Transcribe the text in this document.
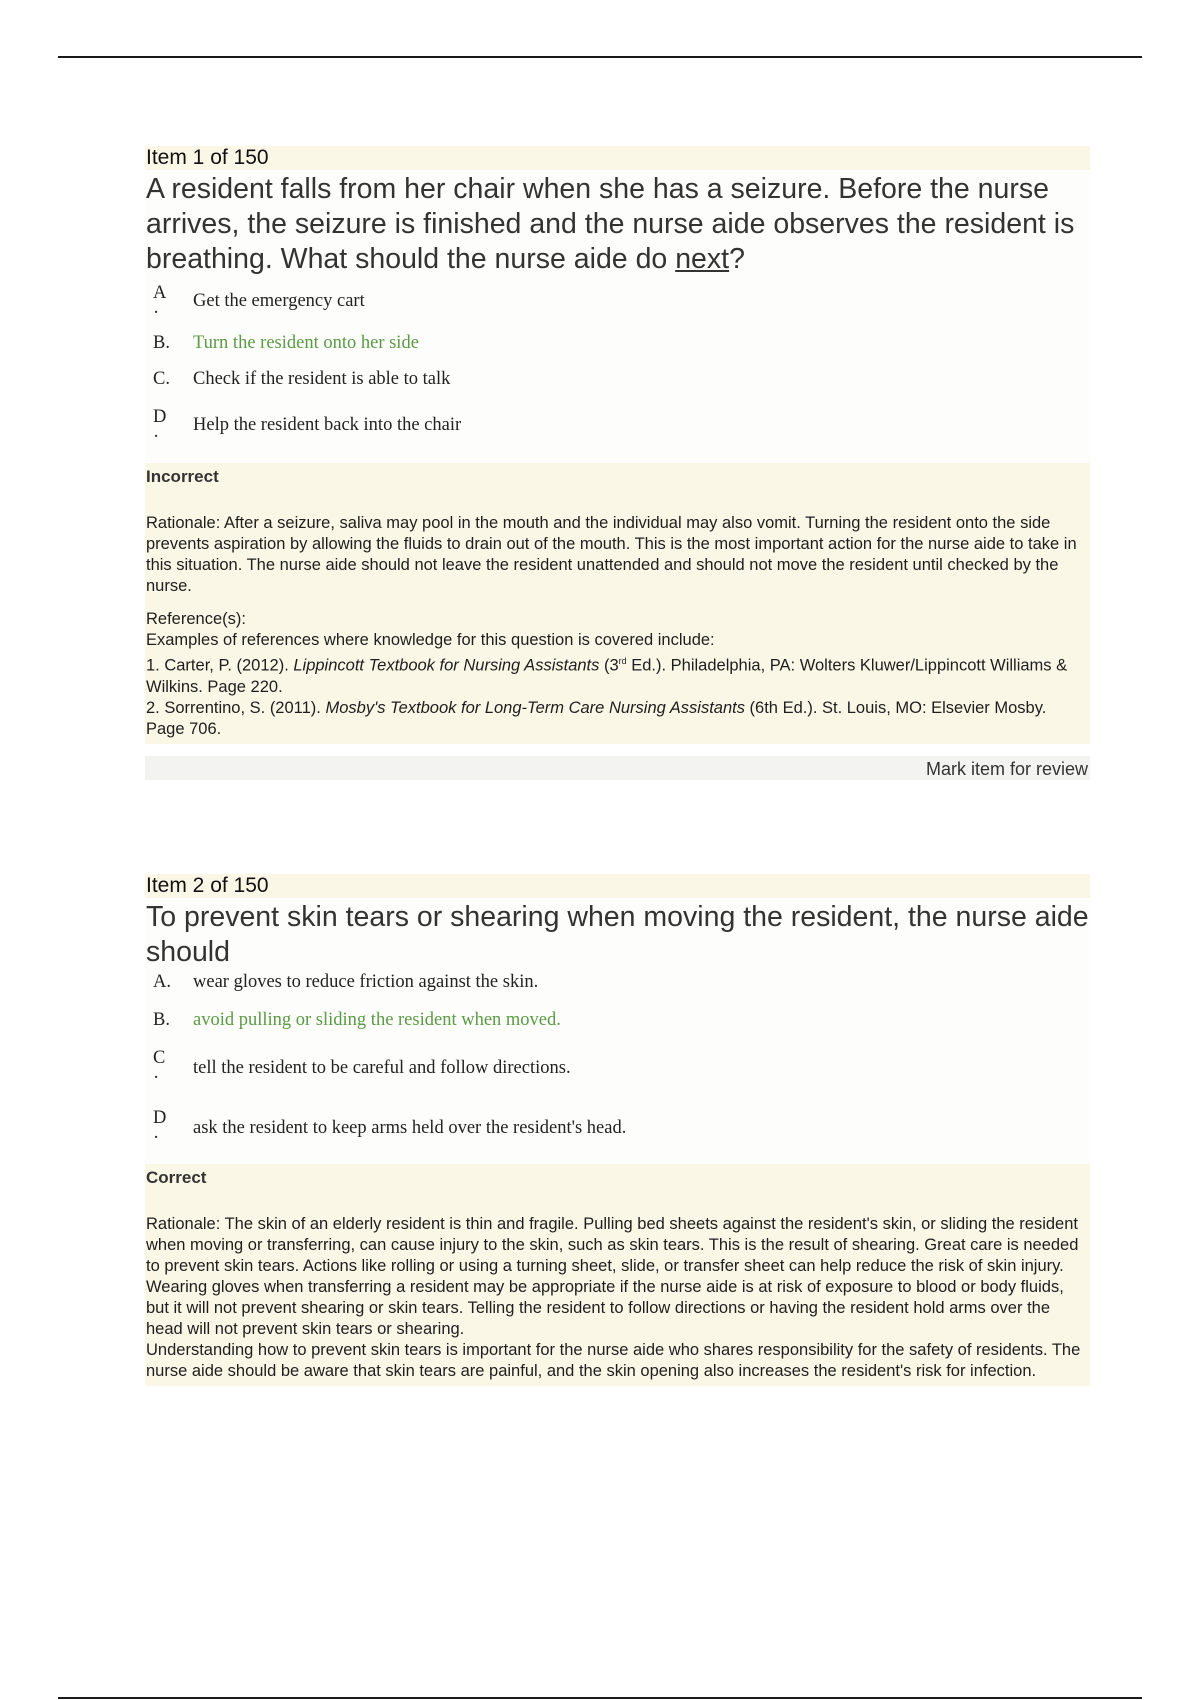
Item 1 of 150
A resident falls from her chair when she has a seizure. Before the nurse arrives, the seizure is finished and the nurse aide observes the resident is breathing. What should the nurse aide do next?
A
·
Get the emergency cart
B.	Turn the resident onto her side
C.	Check if the resident is able to talk
D
·
Help the resident back into the chair
Incorrect

Rationale: After a seizure, saliva may pool in the mouth and the individual may also vomit. Turning the resident onto the side prevents aspiration by allowing the fluids to drain out of the mouth. This is the most important action for the nurse aide to take in this situation. The nurse aide should not leave the resident unattended and should not move the resident until checked by the nurse.

Reference(s):

Examples of references where knowledge for this question is covered include:

1. Carter, P. (2012). Lippincott Textbook for Nursing Assistants (3rd Ed.). Philadelphia, PA: Wolters Kluwer/Lippincott Williams & Wilkins. Page 220.

2. Sorrentino, S. (2011). Mosby's Textbook for Long-Term Care Nursing Assistants (6th Ed.). St. Louis, MO: Elsevier Mosby. Page 706.

Mark item for review
Item 2 of 150
To prevent skin tears or shearing when moving the resident, the nurse aide should
A.	wear gloves to reduce friction against the skin.
B.	avoid pulling or sliding the resident when moved.
C
·	tell the resident to be careful and follow directions.
D
·	ask the resident to keep arms held over the resident's head.
Correct

Rationale: The skin of an elderly resident is thin and fragile. Pulling bed sheets against the resident's skin, or sliding the resident when moving or transferring, can cause injury to the skin, such as skin tears. This is the result of shearing. Great care is needed to prevent skin tears. Actions like rolling or using a turning sheet, slide, or transfer sheet can help reduce the risk of skin injury.

Wearing gloves when transferring a resident may be appropriate if the nurse aide is at risk of exposure to blood or body fluids, but it will not prevent shearing or skin tears. Telling the resident to follow directions or having the resident hold arms over the head will not prevent skin tears or shearing.

Understanding how to prevent skin tears is important for the nurse aide who shares responsibility for the safety of residents. The nurse aide should be aware that skin tears are painful, and the skin opening also increases the resident's risk for infection.
